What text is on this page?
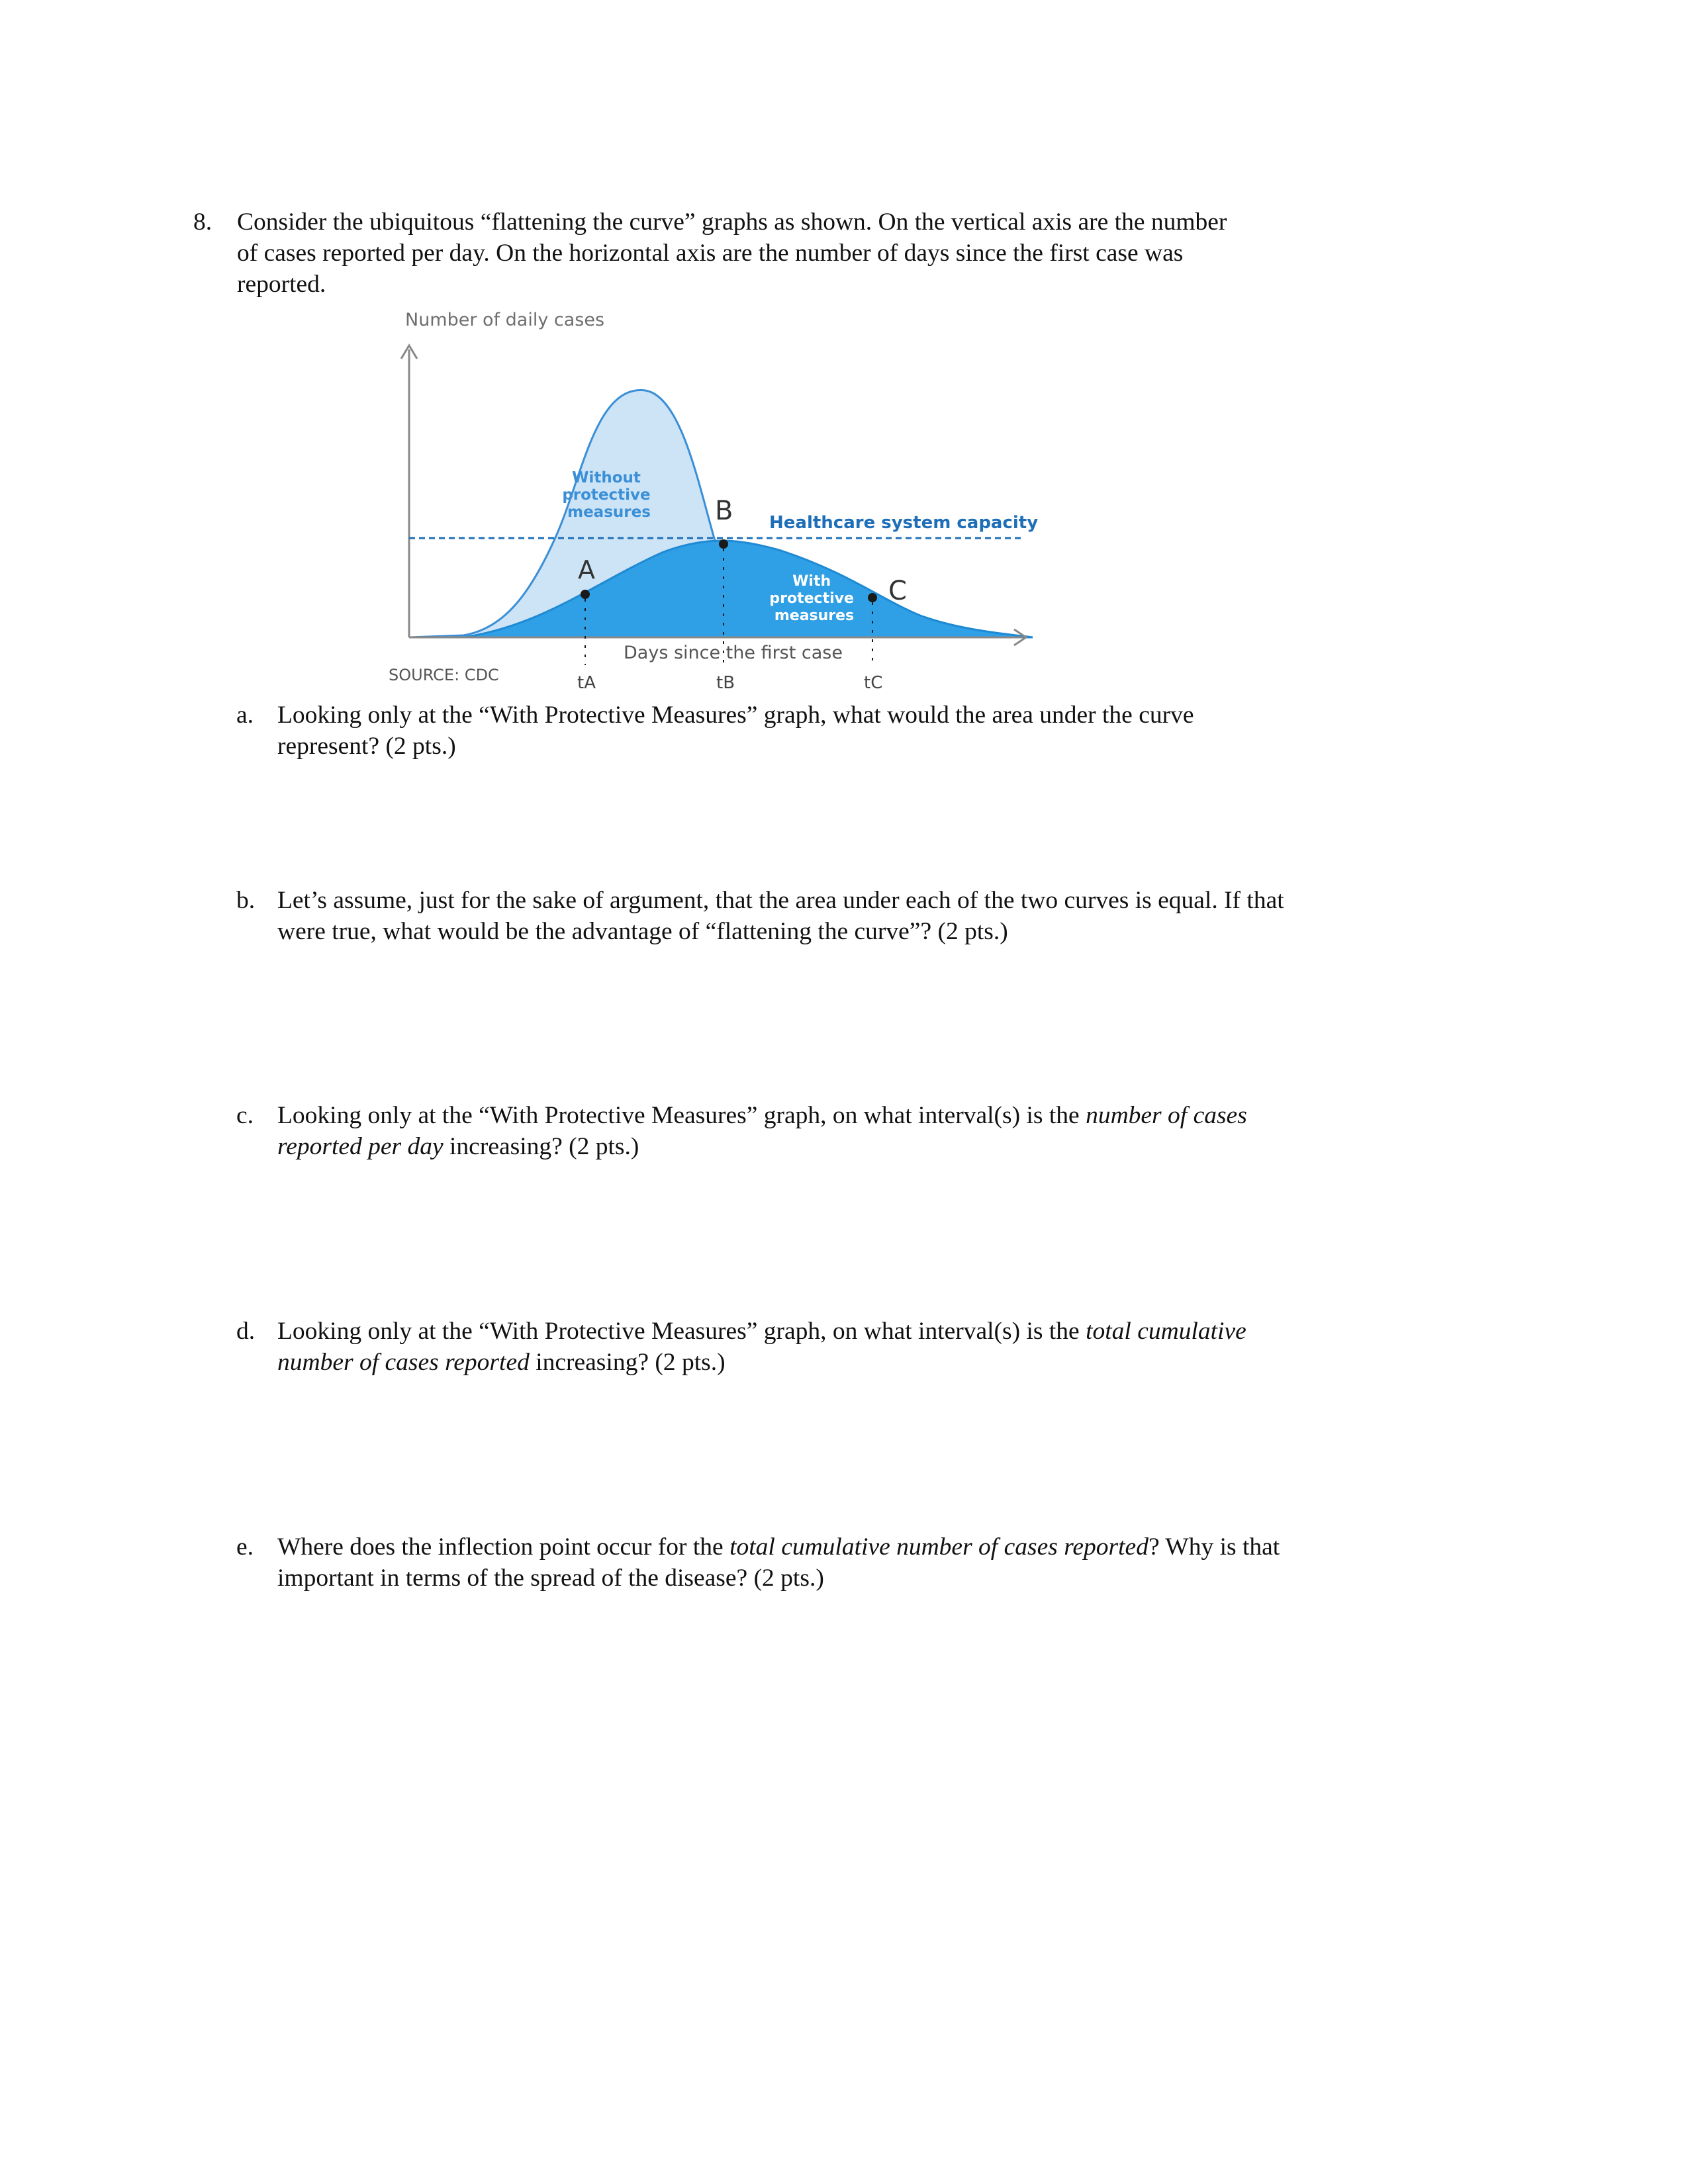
8. Consider the ubiquitous “flattening the curve” graphs as shown. On the vertical axis are the number of cases reported per day. On the horizontal axis are the number of days since the first case was reported.
Number of daily cases
Healthcare system capacity
Without protective measures
With protective measures
A
B
C
Days since the first case
SOURCE: CDC	tA	tB	tC
a. Looking only at the “With Protective Measures” graph, what would the area under the curve represent? (2 pts.)
b. Let’s assume, just for the sake of argument, that the area under each of the two curves is equal. If that were true, what would be the advantage of “flattening the curve”? (2 pts.)
c. Looking only at the “With Protective Measures” graph, on what interval(s) is the number of cases reported per day increasing? (2 pts.)
d. Looking only at the “With Protective Measures” graph, on what interval(s) is the total cumulative number of cases reported increasing? (2 pts.)
e. Where does the inflection point occur for the total cumulative number of cases reported? Why is that important in terms of the spread of the disease? (2 pts.)
